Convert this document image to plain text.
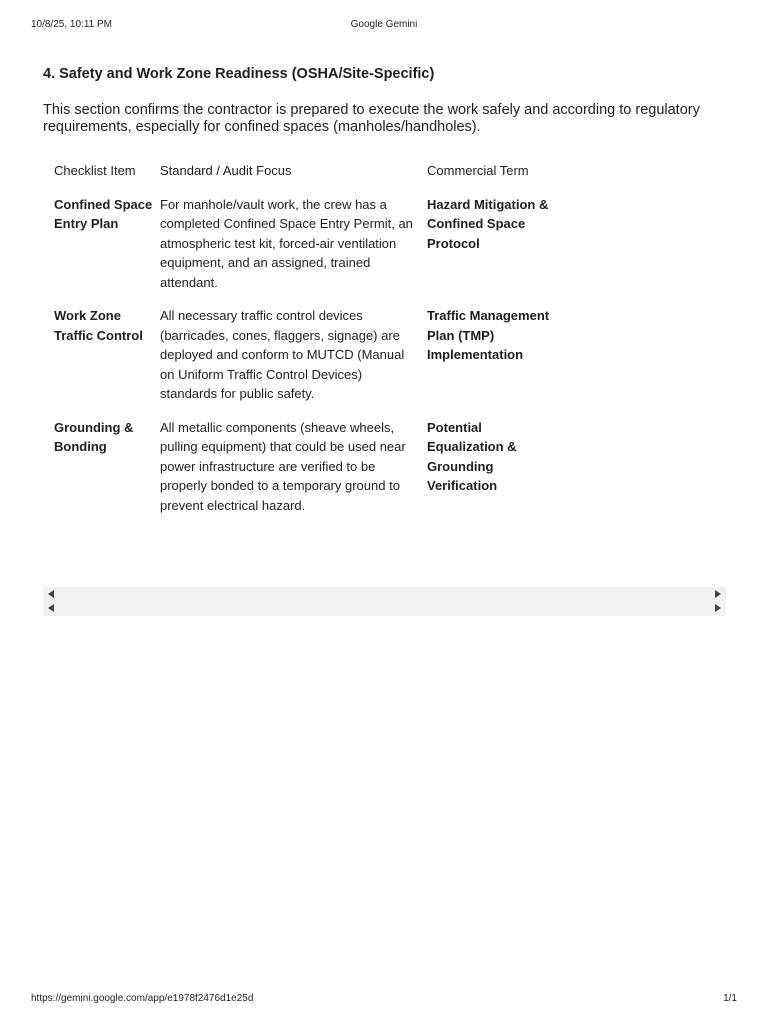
10/8/25, 10:11 PM	Google Gemini
4. Safety and Work Zone Readiness (OSHA/Site-Specific)

This section confirms the contractor is prepared to execute the work safely and according to regulatory requirements, especially for confined spaces (manholes/handholes).

Checklist Item	Standard / Audit Focus	Commercial Term

Confined Space Entry Plan	For manhole/vault work, the crew has a completed Confined Space Entry Permit, an atmospheric test kit, forced-air ventilation equipment, and an assigned, trained attendant.	Hazard Mitigation & Confined Space Protocol

Work Zone Traffic Control	All necessary traffic control devices (barricades, cones, flaggers, signage) are deployed and conform to MUTCD (Manual on Uniform Traffic Control Devices) standards for public safety.	Traffic Management Plan (TMP) Implementation

Grounding & Bonding	All metallic components (sheave wheels, pulling equipment) that could be used near power infrastructure are verified to be properly bonded to a temporary ground to prevent electrical hazard.	Potential Equalization & Grounding Verification
https://gemini.google.com/app/e1978f2476d1e25d	1/1
